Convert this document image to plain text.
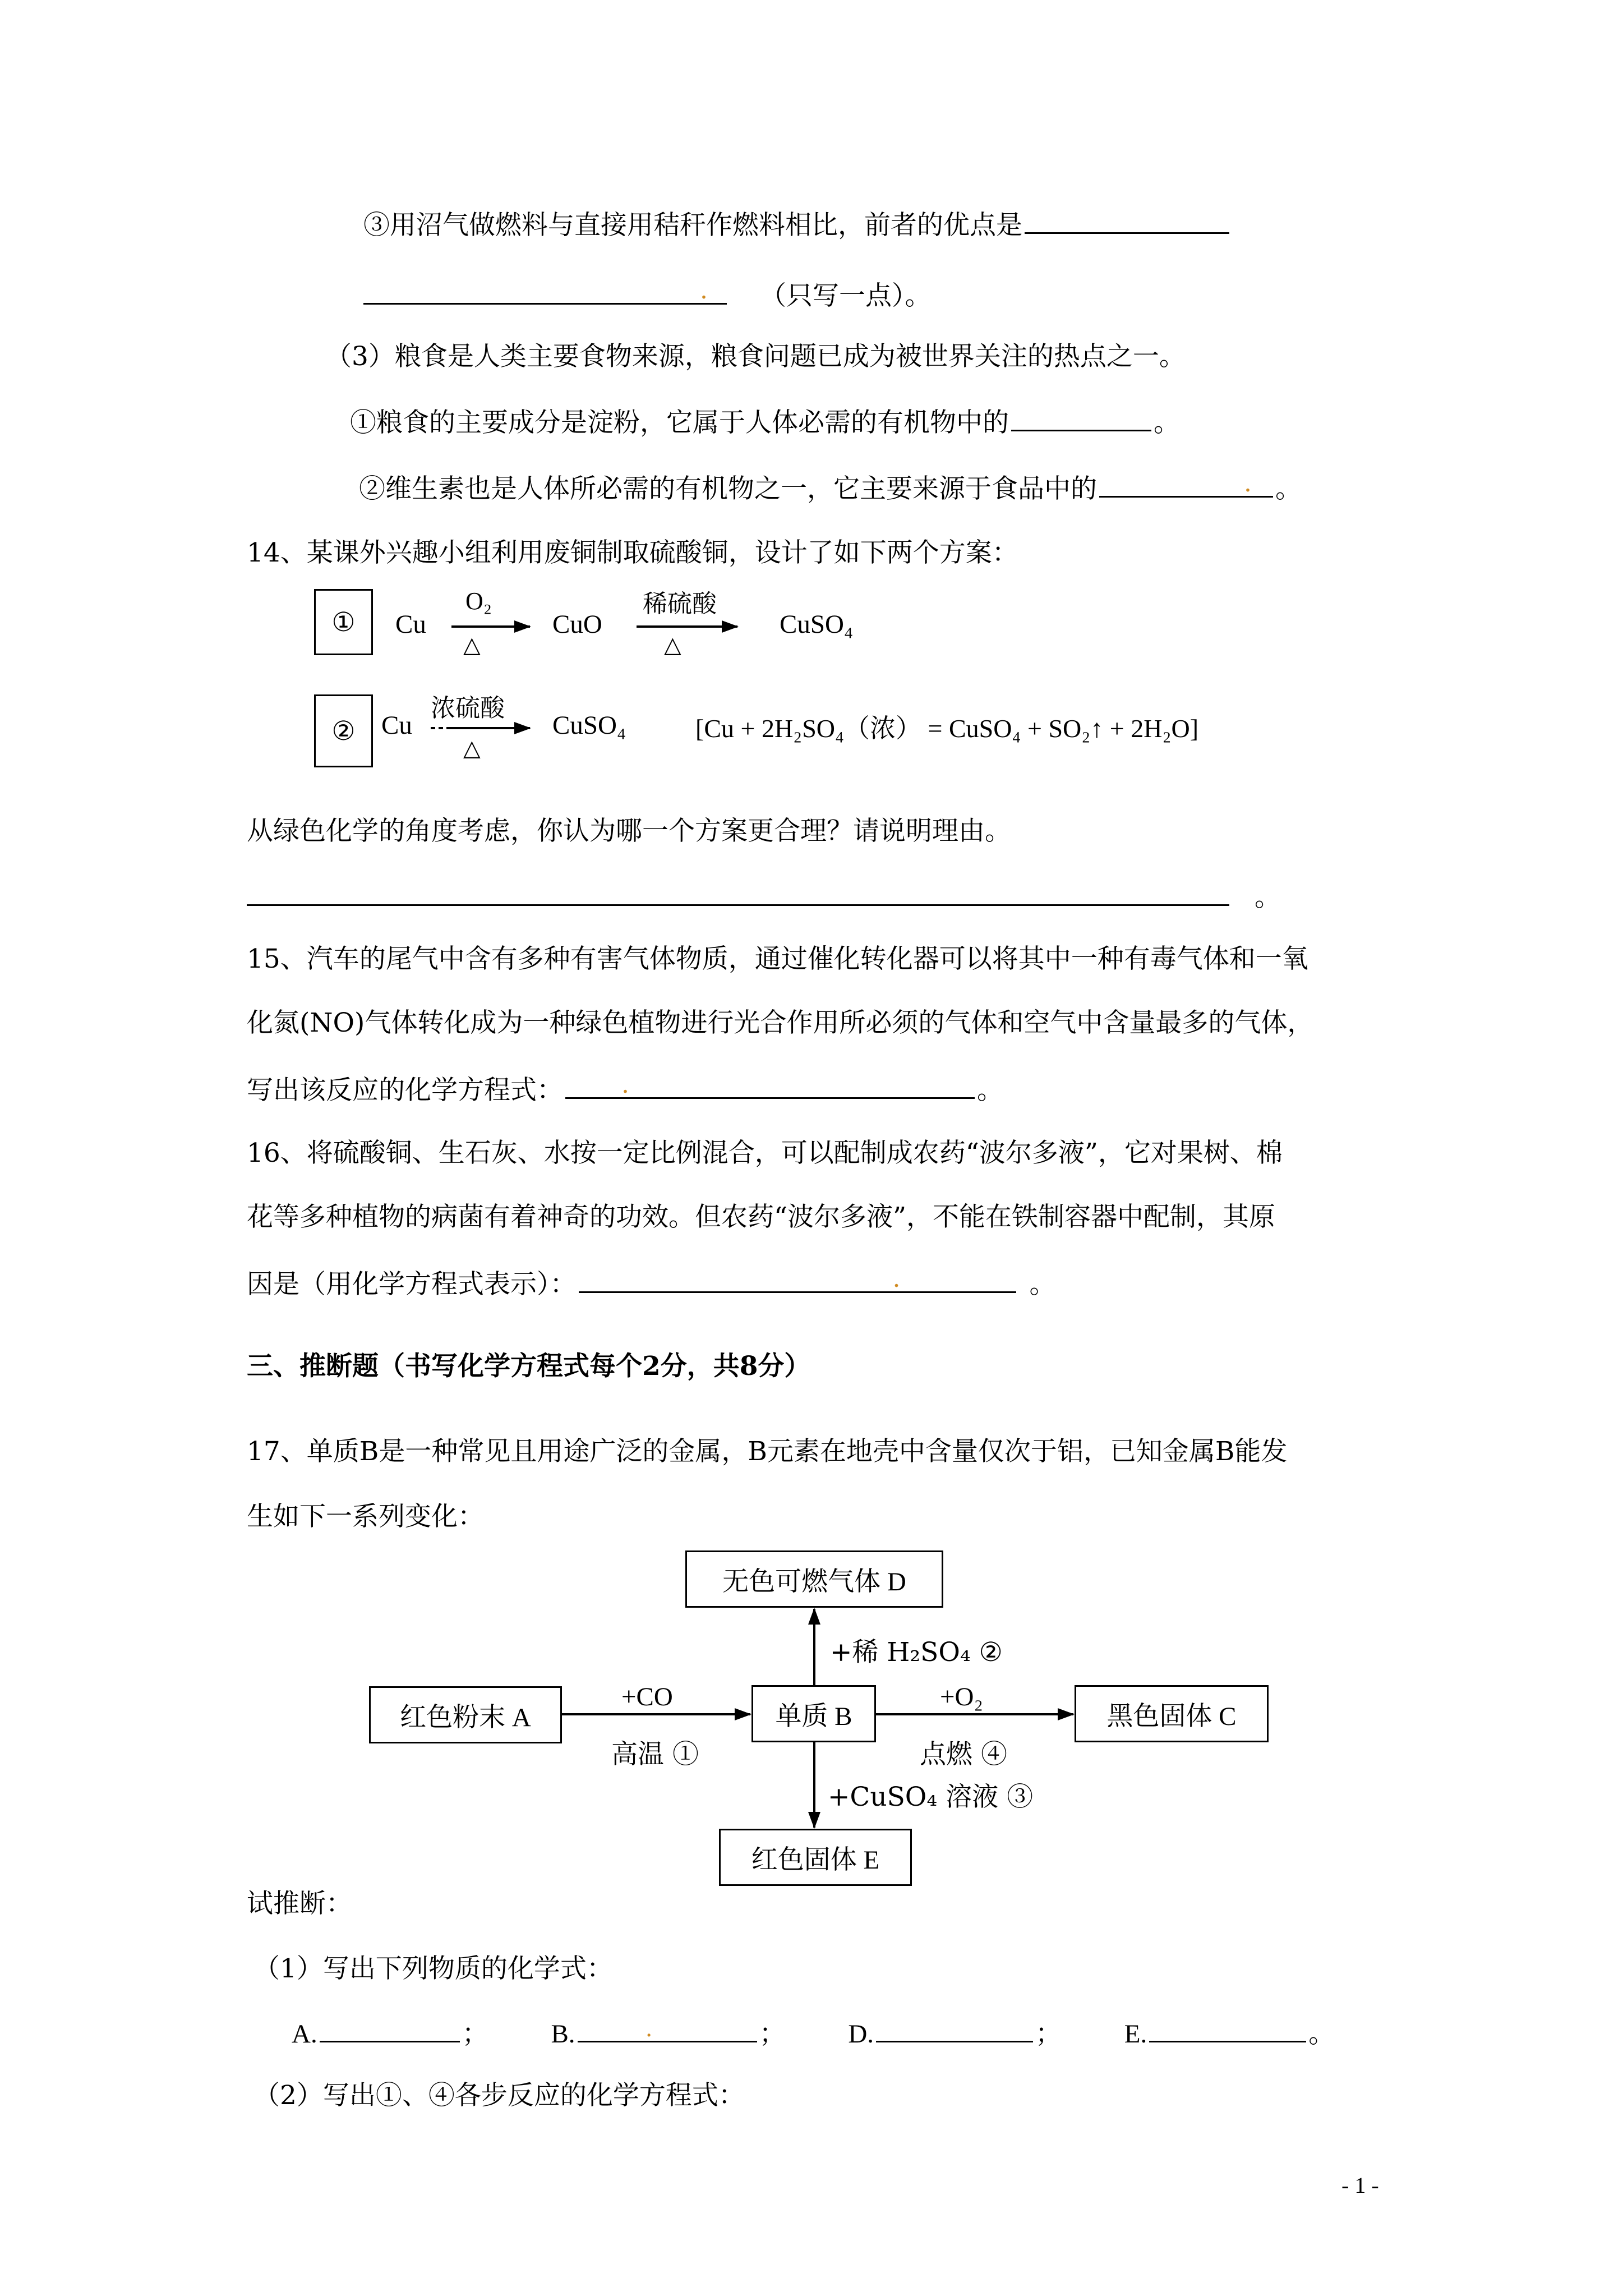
③用沼气做燃料与直接用秸秆作燃料相比，前者的优点是
. （只写一点）。
（3）粮食是人类主要食物来源，粮食问题已成为被世界关注的热点之一。
①粮食的主要成分是淀粉，它属于人体必需的有机物中的	。
②维生素也是人体所必需的有机物之一，它主要来源于食品中的	. 。
14、某课外兴趣小组利用废铜制取硫酸铜，设计了如下两个方案：
① Cu
O₂
△
CuO
稀硫酸
△
CuSO₄
② Cu
浓硫酸
△
CuSO₄	[Cu + 2H₂SO₄（浓） = CuSO₄ + SO₂↑ + 2H₂O]
从绿色化学的角度考虑，你认为哪一个方案更合理？请说明理由。
。
15、汽车的尾气中含有多种有害气体物质，通过催化转化器可以将其中一种有毒气体和一氧
化氮(NO)气体转化成为一种绿色植物进行光合作用所必须的气体和空气中含量最多的气体，
写出该反应的化学方程式： .	。
16、将硫酸铜、生石灰、水按一定比例混合，可以配制成农药“波尔多液”，它对果树、棉
花等多种植物的病菌有着神奇的功效。但农药“波尔多液”，不能在铁制容器中配制，其原
因是（用化学方程式表示）：	.	。
三、推断题（书写化学方程式每个2分，共8分）
17、单质B是一种常见且用途广泛的金属，B元素在地壳中含量仅次于铝，已知金属B能发
生如下一系列变化：
无色可燃气体 D
红色粉末 A	单质 B	黑色固体 C
红色固体 E
+CO
高温 ①
+稀 H₂SO₄ ②
+O₂
点燃 ④
+CuSO₄ 溶液 ③
试推断：
（1）写出下列物质的化学式：
A.	； B.	.	； D.	； E.	。
（2）写出①、④各步反应的化学方程式：
- 1 -
